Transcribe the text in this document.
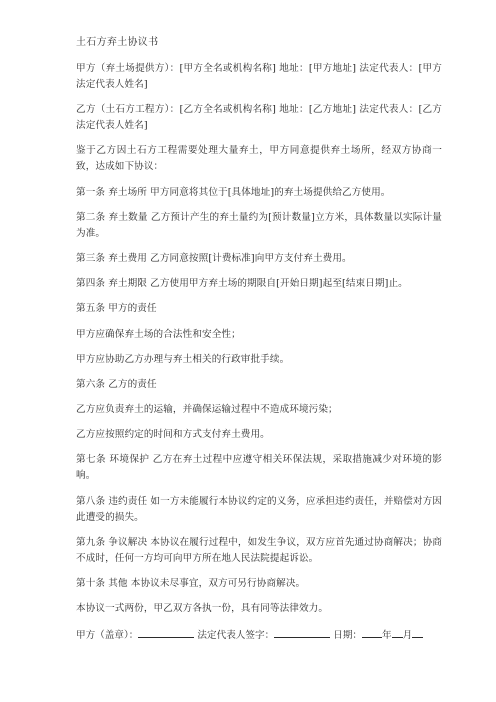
土石方弃土协议书

甲方（弃土场提供方）：[甲方全名或机构名称] 地址：[甲方地址] 法定代表人：[甲方法定代表人姓名]

乙方（土石方工程方）：[乙方全名或机构名称] 地址：[乙方地址] 法定代表人：[乙方法定代表人姓名]

鉴于乙方因土石方工程需要处理大量弃土，甲方同意提供弃土场所，经双方协商一致，达成如下协议：

第一条 弃土场所 甲方同意将其位于[具体地址]的弃土场提供给乙方使用。

第二条 弃土数量 乙方预计产生的弃土量约为[预计数量]立方米，具体数量以实际计量为准。

第三条 弃土费用 乙方同意按照[计费标准]向甲方支付弃土费用。

第四条 弃土期限 乙方使用甲方弃土场的期限自[开始日期]起至[结束日期]止。

第五条 甲方的责任

甲方应确保弃土场的合法性和安全性；

甲方应协助乙方办理与弃土相关的行政审批手续。

第六条 乙方的责任

乙方应负责弃土的运输，并确保运输过程中不造成环境污染；

乙方应按照约定的时间和方式支付弃土费用。

第七条 环境保护 乙方在弃土过程中应遵守相关环保法规，采取措施减少对环境的影响。

第八条 违约责任 如一方未能履行本协议约定的义务，应承担违约责任，并赔偿对方因此遭受的损失。

第九条 争议解决 本协议在履行过程中，如发生争议，双方应首先通过协商解决；协商不成时，任何一方均可向甲方所在地人民法院提起诉讼。

第十条 其他 本协议未尽事宜，双方可另行协商解决。

本协议一式两份，甲乙双方各执一份，具有同等法律效力。

甲方（盖章）：	法定代表人签字：	日期： 年 月
